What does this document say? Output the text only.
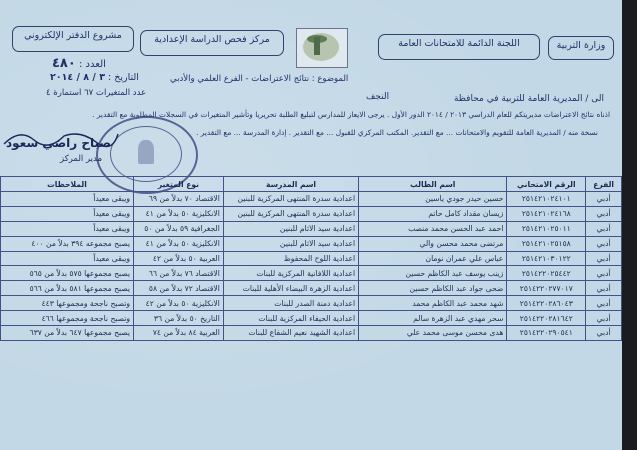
وزارة التربية
اللجنة الدائمة للامتحانات العامة
مركز فحص الدراسة الإعدادية
مشروع الدفتر الإلكتروني
العدد : ٤٨٠
التاريخ : ٣ / ٨ / ٢٠١٤	الموضوع : نتائج الاعتراضات - الفرع العلمي والأدبي
عدد المتغيرات ٦٧ استمارة ٤
الى / المديرية العامة للتربية في محافظة
النجف
اذناه نتائج الاعتراضات مديريتكم للعام الدراسي ٢٠١٣ / ٢٠١٤ الدور الأول . يرجى الايعاز للمدارس لتبليغ الطلبة تحريريا وتأشير المتغيرات في السجلات المطلوبة مع التقدير .
نسخة منه / المديرية العامة للتقويم والامتحانات ... مع التقدير. المكتب المركزي للقبول ... مع التقدير . إدارة المدرسة ... مع التقدير .
صباح راضي سعود
مدير المركز
الفرع	الرقم الامتحاني	اسم الطالب	اسم المدرسة	نوع المتغير	الملاحظات
أدبي	٢٥١٤٢١٠٢٤١٠١	حسين حيدر جودي ياسين	اعدادية سدرة المنتهى المركزية للبنين	الاقتصاد ٧٠ بدلاً من ٦٩	ويبقى معيداً
أدبي	٢٥١٤٢١٠٢٤١٦٨	زيسان مقداد كامل حاتم	اعدادية سدرة المنتهى المركزية للبنين	الانكليزية ٥٠ بدلاً من ٤١	ويبقى معيداً
أدبي	٢٥١٤٢١٠٢٥٠١١	احمد عبد الحسن محمد منصب	اعدادية سيد الاثام للبنين	الجغرافية ٥٩ بدلاً من ٥٠	ويبقى معيداً
أدبي	٢٥١٤٢١٠٢٥١٥٨	مرتضى محمد محسن والي	اعدادية سيد الاثام للبنين	الانكليزية ٥٠ بدلاً من ٤١	يصبح مجموعه ٣٩٤ بدلاً من ٤٠٠
أدبي	٢٥١٤٢١٠٣٠١٢٢	عباس علي عمران نومان	اعدادية اللوح المحفوظ	العربية ٥٠ بدلاً من ٤٢	ويبقى معيداً
أدبي	٢٥١٤٢٢٠٢٥٤٤٢	زينب يوسف عبد الكاظم حسين	اعدادية اللافانية المركزية للبنات	الاقتصاد ٧٦ بدلاً من ٦٦	يصبح مجموعها ٥٧٥ بدلاً من ٥٦٥
أدبي	٢٥١٤٢٢٠٢٧٧٠١٧	ضحى جواد عبد الكاظم حسين	اعدادية الزهرة البيضاء الأهلية للبنات	الاقتصاد ٧٢ بدلاً من ٥٨	يصبح مجموعها ٥٨١ بدلاً من ٥٦٦
أدبي	٢٥١٤٢٢٠٢٨٦٠٤٣	شهد محمد عبد الكاظم محمد	اعدادية دمنة الصدر للبنات	الانكليزية ٥٠ بدلاً من ٤٢	وتصبح ناجحة ومجموعها ٤٤٣
أدبي	٢٥١٤٢٢٠٢٨١٦٤٢	سحر مهدي عبد الزهرة سالم	اعدادية الحيفاء المركزية للبنات	التاريخ ٥٠ بدلاً من ٣٦	وتصبح ناجحة ومجموعها ٤٦٦
أدبي	٢٥١٤٢٢٠٢٩٠٥٤١	هدى محسن موسى محمد علي	اعدادية الشهيد نعيم الشفاع للبنات	العربية ٨٤ بدلاً من ٧٤	يصبح مجموعها ٦٤٧ بدلاً من ٦٣٧
